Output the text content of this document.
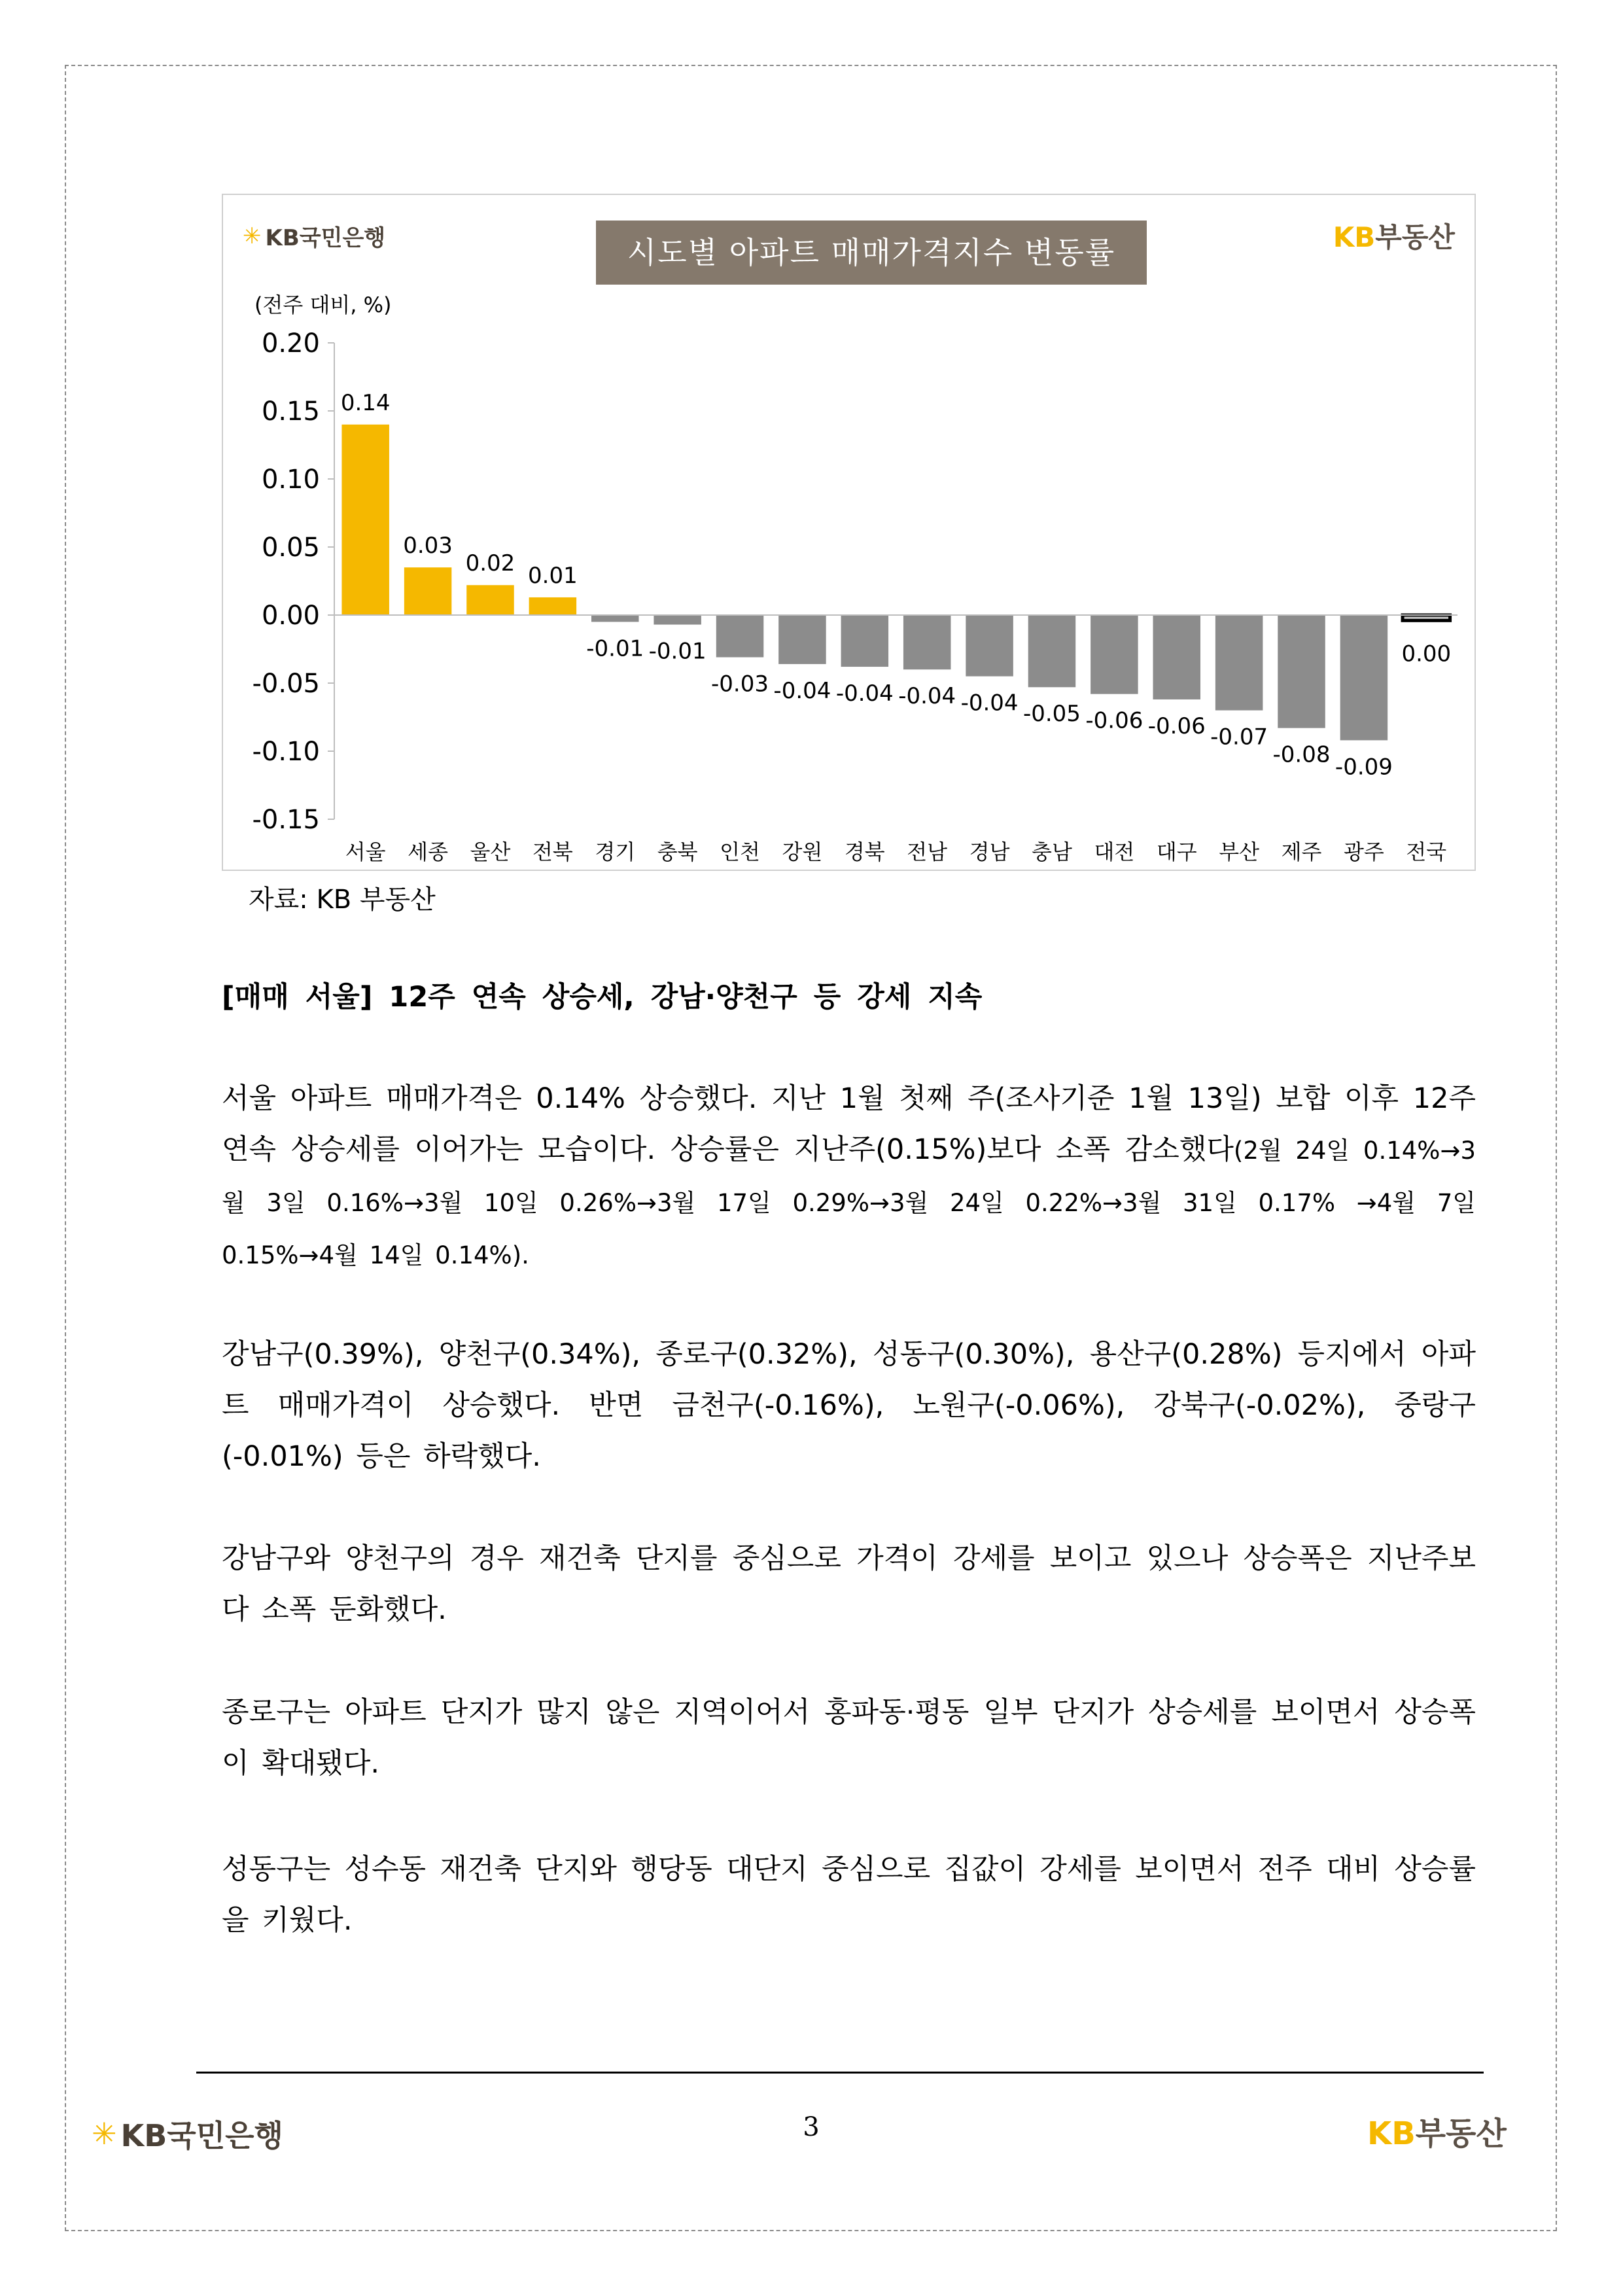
✳ KB국민은행	KB부동산
시도별 아파트 매매가격지수 변동률
(전주 대비, %)
0.20
0.15
0.10
0.05
0.00
-0.05
-0.10
-0.15
0.14
서울
0.03
세종
0.02
울산
0.01
전북
-0.01
경기
-0.01
충북
-0.03
인천
-0.04
강원
-0.04
경북
-0.04
전남
-0.04
경남
-0.05
충남
-0.06
대전
-0.06
대구
-0.07
부산
-0.08
제주
-0.09
광주
0.00
전국
자료: KB 부동산
[매매 서울] 12주 연속 상승세, 강남·양천구 등 강세 지속
서울 아파트 매매가격은 0.14% 상승했다. 지난 1월 첫째 주(조사기준 1월 13일) 보합 이후 12주 연속 상승세를 이어가는 모습이다. 상승률은 지난주(0.15%)보다 소폭 감소했다(2월 24일 0.14%→3월 3일 0.16%→3월 10일 0.26%→3월 17일 0.29%→3월 24일 0.22%→3월 31일 0.17% →4월 7일 0.15%→4월 14일 0.14%).
강남구(0.39%), 양천구(0.34%), 종로구(0.32%), 성동구(0.30%), 용산구(0.28%) 등지에서 아파트 매매가격이 상승했다. 반면 금천구(-0.16%), 노원구(-0.06%), 강북구(-0.02%), 중랑구(-0.01%) 등은 하락했다.
강남구와 양천구의 경우 재건축 단지를 중심으로 가격이 강세를 보이고 있으나 상승폭은 지난주보다 소폭 둔화했다.
종로구는 아파트 단지가 많지 않은 지역이어서 홍파동·평동 일부 단지가 상승세를 보이면서 상승폭이 확대됐다.
성동구는 성수동 재건축 단지와 행당동 대단지 중심으로 집값이 강세를 보이면서 전주 대비 상승률을 키웠다.
✳ KB국민은행	KB부동산
3
